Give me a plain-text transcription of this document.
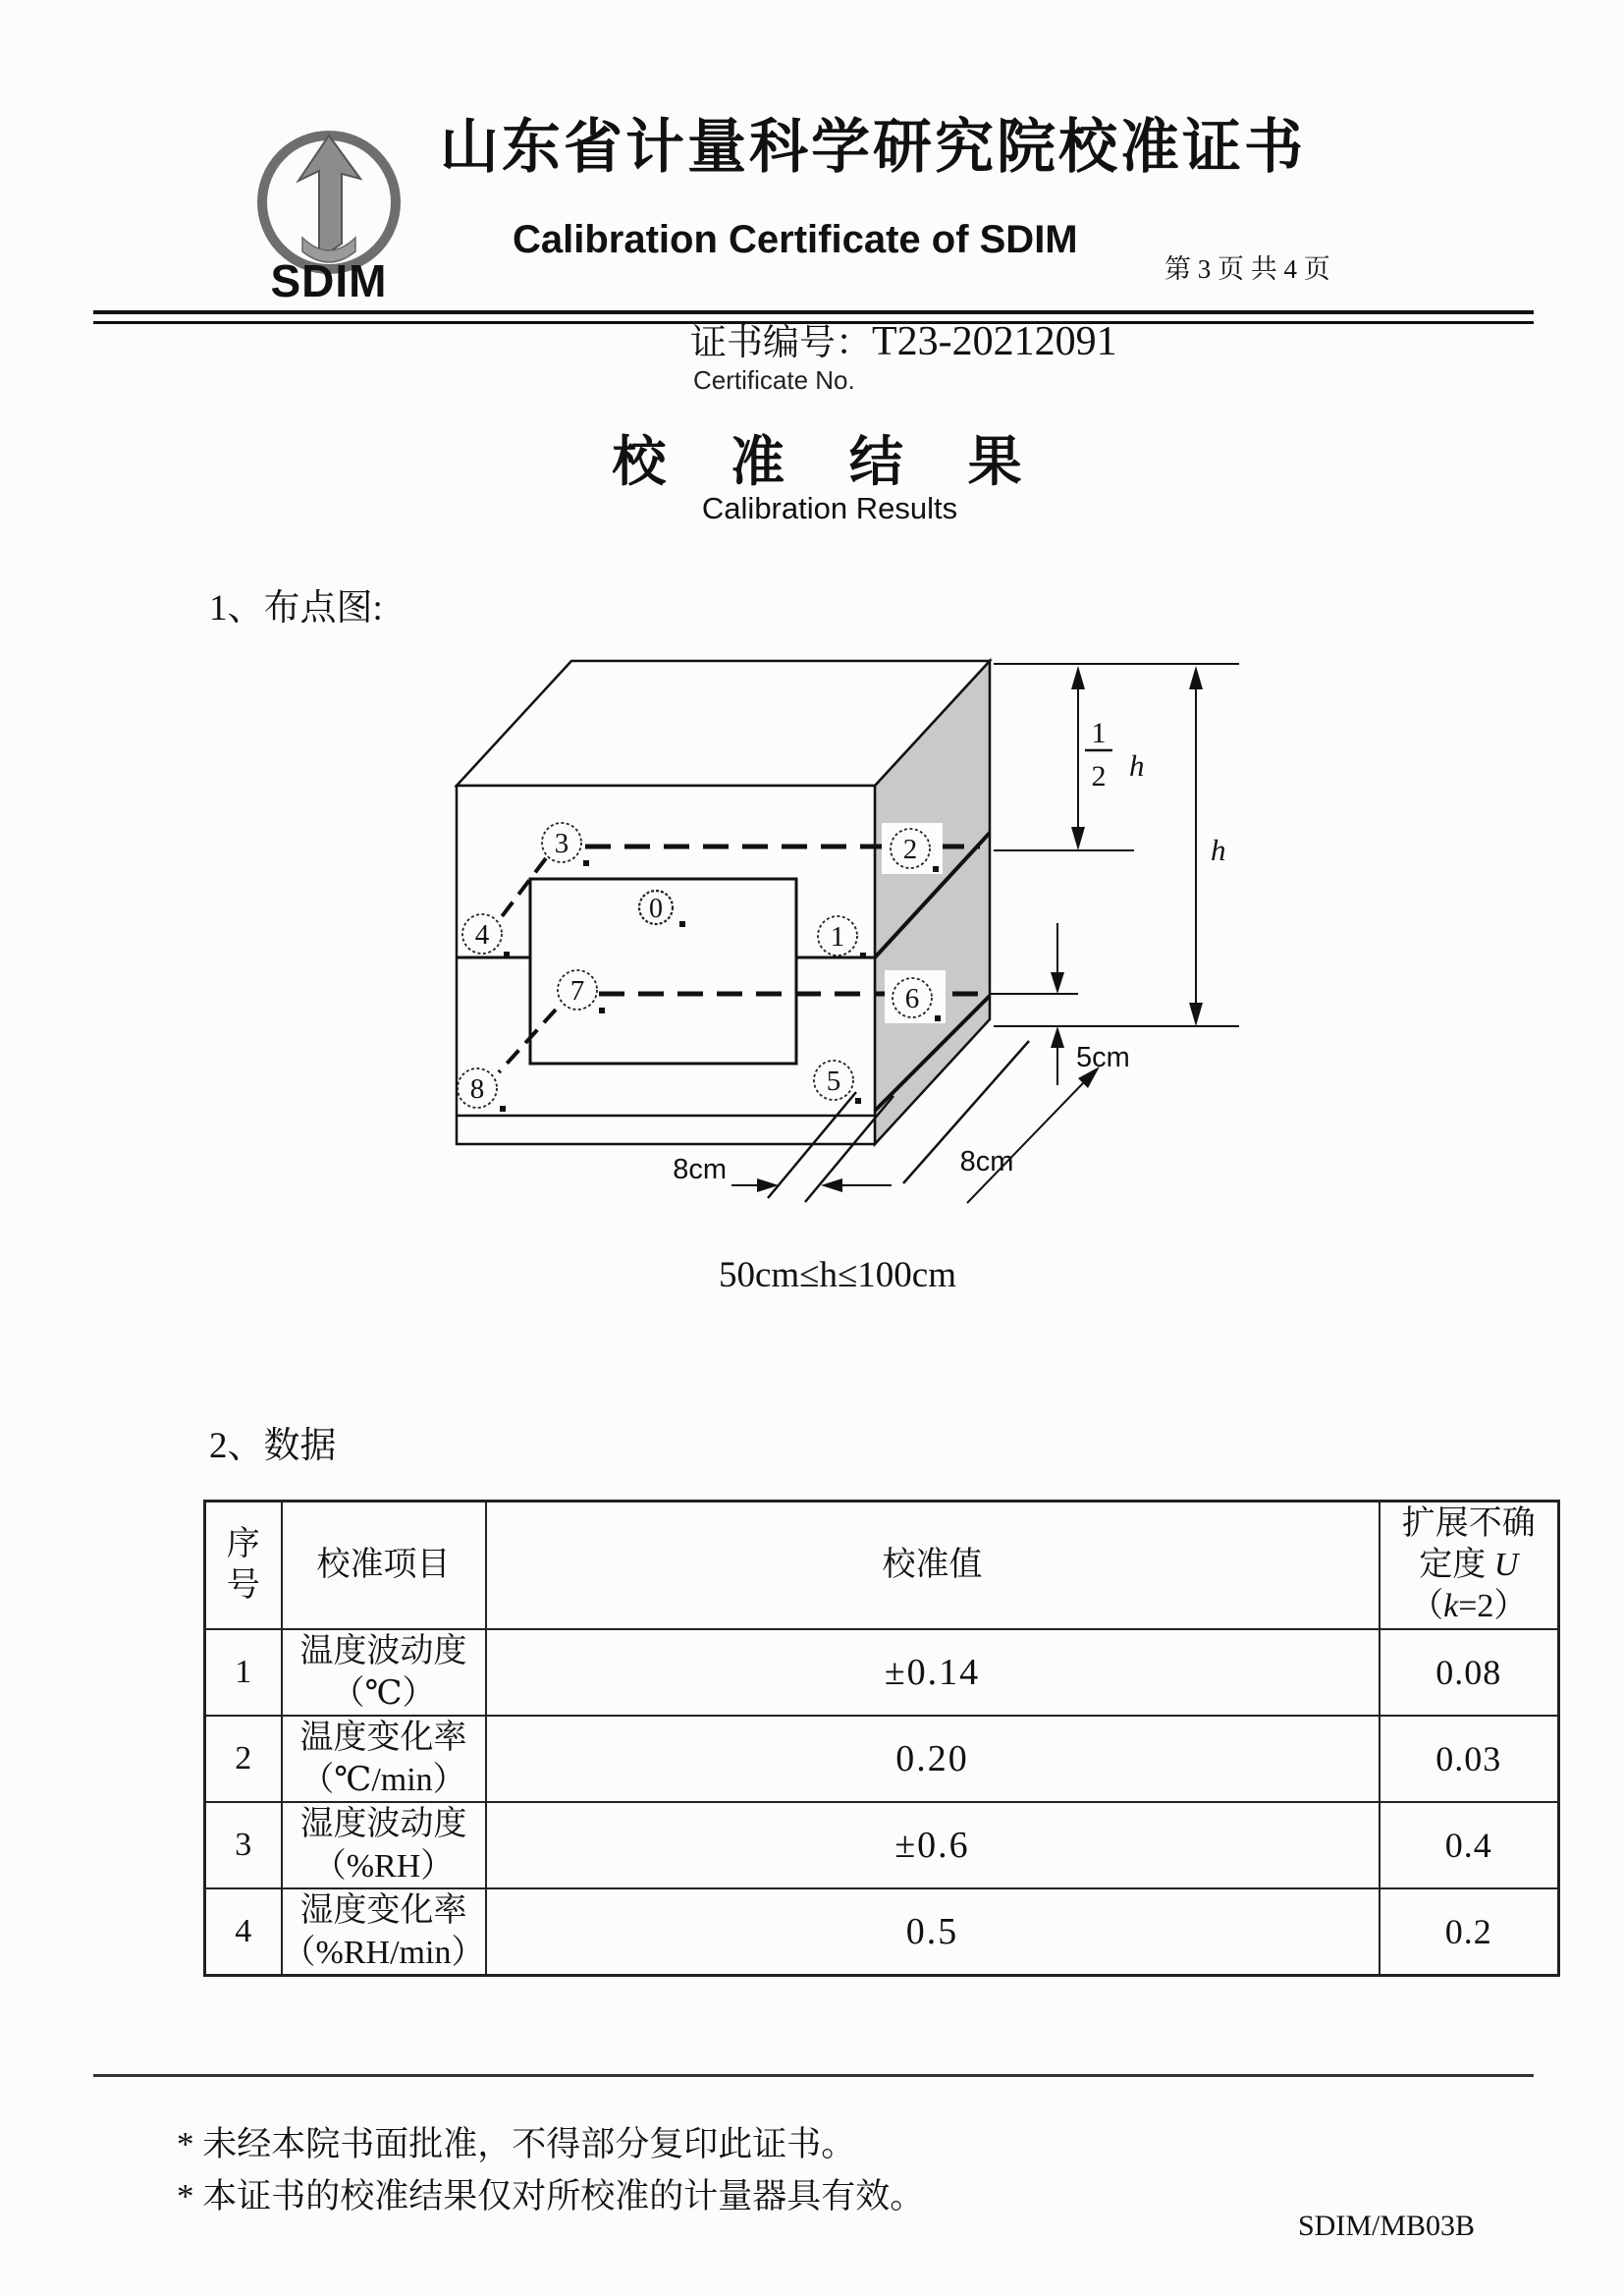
SDIM
山东省计量科学研究院校准证书
Calibration Certificate of SDIM
第 3 页 共 4 页
证书编号：T23-20212091
Certificate No.
校 准 结 果
Calibration Results
1、布点图:
2、数据
3	2
0
4	1
7	6
8	5
1
2 h
h
5cm
8cm
8cm
50cm≤h≤100cm
序
号	校准项目	校准值	扩展不确
定度 U
（k=2）
1	温度波动度
（℃）	±0.14	0.08
2	温度变化率
（℃/min）	0.20	0.03
3	湿度波动度
（%RH）	±0.6	0.4
4	湿度变化率
（%RH/min）	0.5	0.2
* 未经本院书面批准，不得部分复印此证书。
* 本证书的校准结果仅对所校准的计量器具有效。
SDIM/MB03B
